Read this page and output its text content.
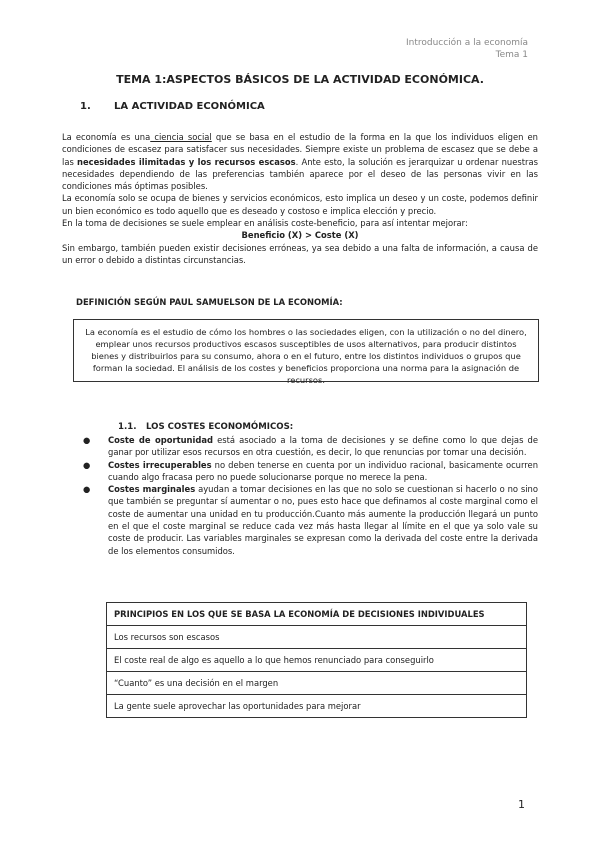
Introducción a la economía
Tema 1
TEMA 1:ASPECTOS BÁSICOS DE LA ACTIVIDAD ECONÓMICA.
1. LA ACTIVIDAD ECONÓMICA

La economía es una ciencia social que se basa en el estudio de la forma en la que los individuos eligen en condiciones de escasez para satisfacer sus necesidades. Siempre existe un problema de escasez que se debe a las necesidades ilimitadas y los recursos escasos. Ante esto, la solución es jerarquizar u ordenar nuestras necesidades dependiendo de las preferencias también aparece por el deseo de las personas vivir en las condiciones más óptimas posibles.

La economía solo se ocupa de bienes y servicios económicos, esto implica un deseo y un coste, podemos definir un bien económico es todo aquello que es deseado y costoso e implica elección y precio.

En la toma de decisiones se suele emplear en análisis coste-beneficio, para así intentar mejorar:

Beneficio (X) > Coste (X)

Sin embargo, también pueden existir decisiones erróneas, ya sea debido a una falta de información, a causa de un error o debido a distintas circunstancias.

DEFINICIÓN SEGÚN PAUL SAMUELSON DE LA ECONOMÍA:
La economía es el estudio de cómo los hombres o las sociedades eligen, con la utilización o no del dinero, emplear unos recursos productivos escasos susceptibles de usos alternativos, para producir distintos bienes y distribuirlos para su consumo, ahora o en el futuro, entre los distintos individuos o grupos que forman la sociedad. El análisis de los costes y beneficios proporciona una norma para la asignación de recursos.
1.1. LOS COSTES ECONOMÓMICOS:
● Coste de oportunidad está asociado a la toma de decisiones y se define como lo que dejas de ganar por utilizar esos recursos en otra cuestión, es decir, lo que renuncias por tomar una decisión.
● Costes irrecuperables no deben tenerse en cuenta por un individuo racional, basicamente ocurren cuando algo fracasa pero no puede solucionarse porque no merece la pena.
● Costes marginales ayudan a tomar decisiones en las que no solo se cuestionan si hacerlo o no sino que también se preguntar sí aumentar o no, pues esto hace que definamos al coste marginal como el coste de aumentar una unidad en tu producción.Cuanto más aumente la producción llegará un punto en el que el coste marginal se reduce cada vez más hasta llegar al límite en el que ya solo vale su coste de producir. Las variables marginales se expresan como la derivada del coste entre la derivada de los elementos consumidos.
PRINCIPIOS EN LOS QUE SE BASA LA ECONOMÍA DE DECISIONES INDIVIDUALES
Los recursos son escasos
El coste real de algo es aquello a lo que hemos renunciado para conseguirlo
“Cuanto” es una decisión en el margen
La gente suele aprovechar las oportunidades para mejorar
1
